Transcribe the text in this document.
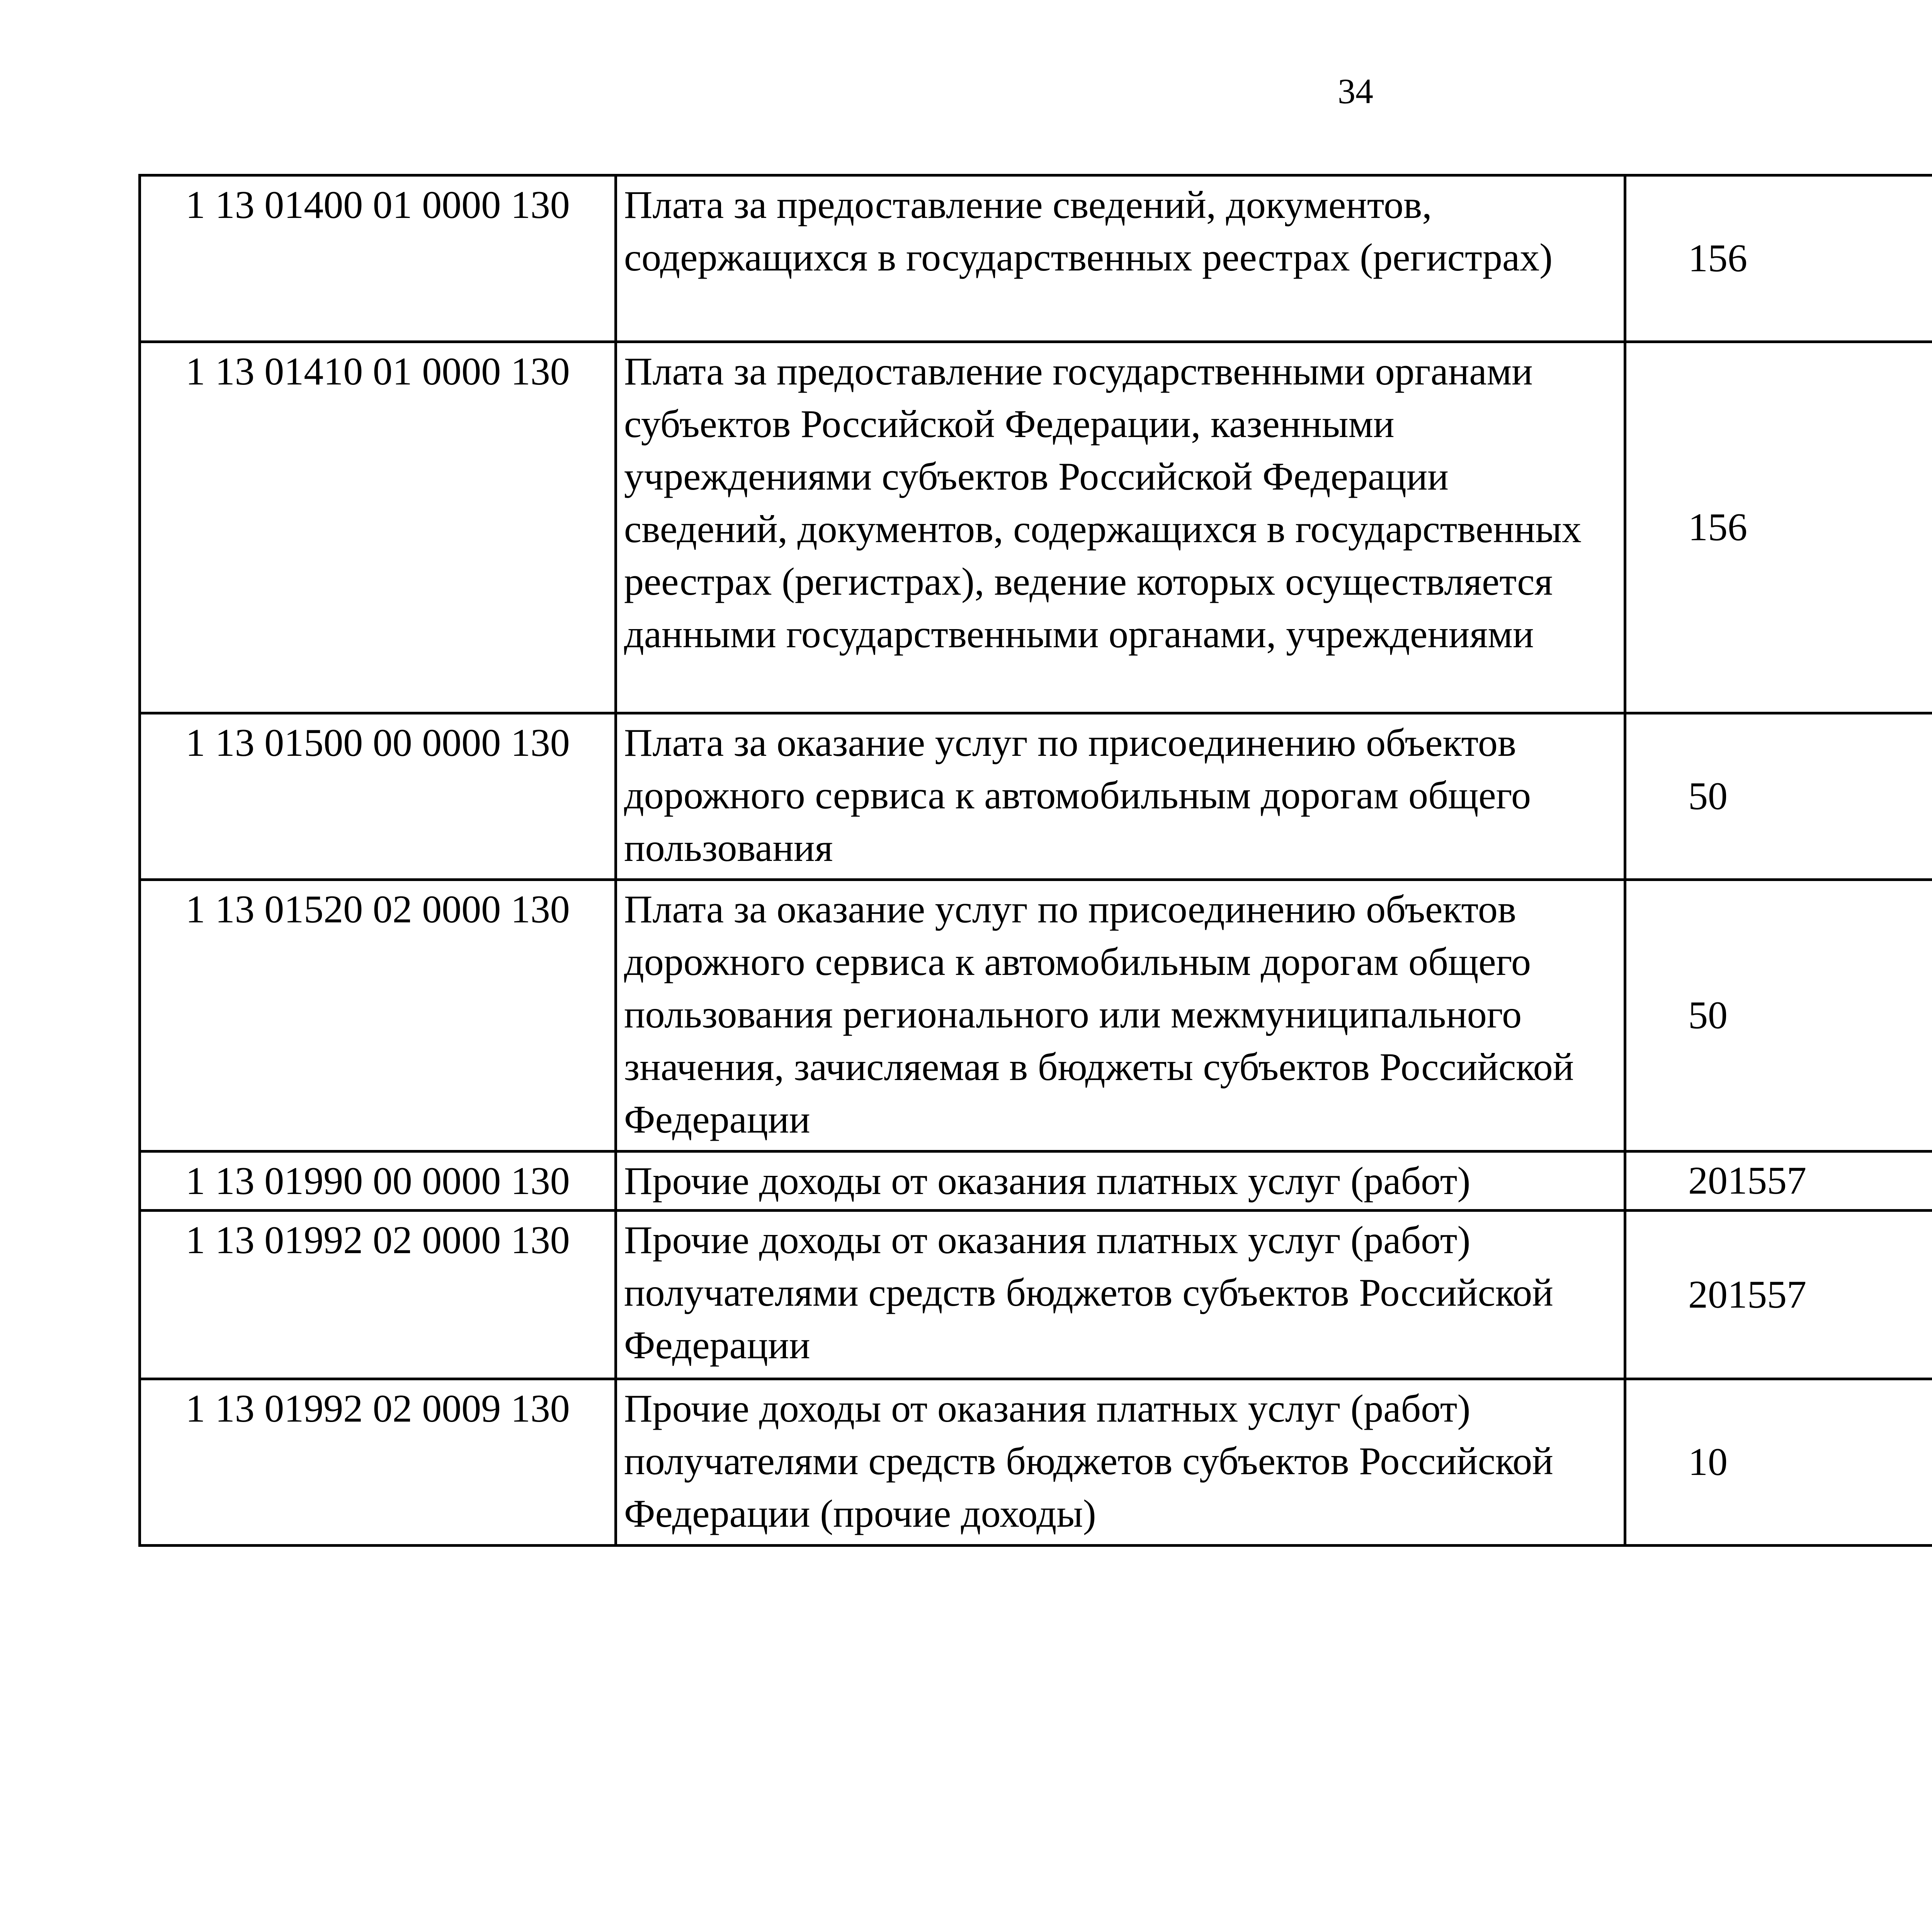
34
1 13 01400 01 0000 130	Плата за предоставление сведений, документов, содержащихся в государственных реестрах (регистрах)	156		
1 13 01410 01 0000 130	Плата за предоставление государственными органами субъектов Российской Федерации, казенными учреждениями субъектов Российской Федерации сведений, документов, содержащихся в государственных реестрах (регистрах), ведение которых осуществляется данными государственными органами, учреждениями	156		
1 13 01500 00 0000 130	Плата за оказание услуг по присоединению объектов дорожного сервиса к автомобильным дорогам общего пользования	50		
1 13 01520 02 0000 130	Плата за оказание услуг по присоединению объектов дорожного сервиса к автомобильным дорогам общего пользования регионального или межмуниципального значения, зачисляемая в бюджеты субъектов Российской Федерации	50		
1 13 01990 00 0000 130	Прочие доходы от оказания платных услуг (работ)	201557		
1 13 01992 02 0000 130	Прочие доходы от оказания платных услуг (работ) получателями средств бюджетов субъектов Российской Федерации	201557		
1 13 01992 02 0009 130	Прочие доходы от оказания платных услуг (работ) получателями средств бюджетов субъектов Российской Федерации (прочие доходы)	10		
